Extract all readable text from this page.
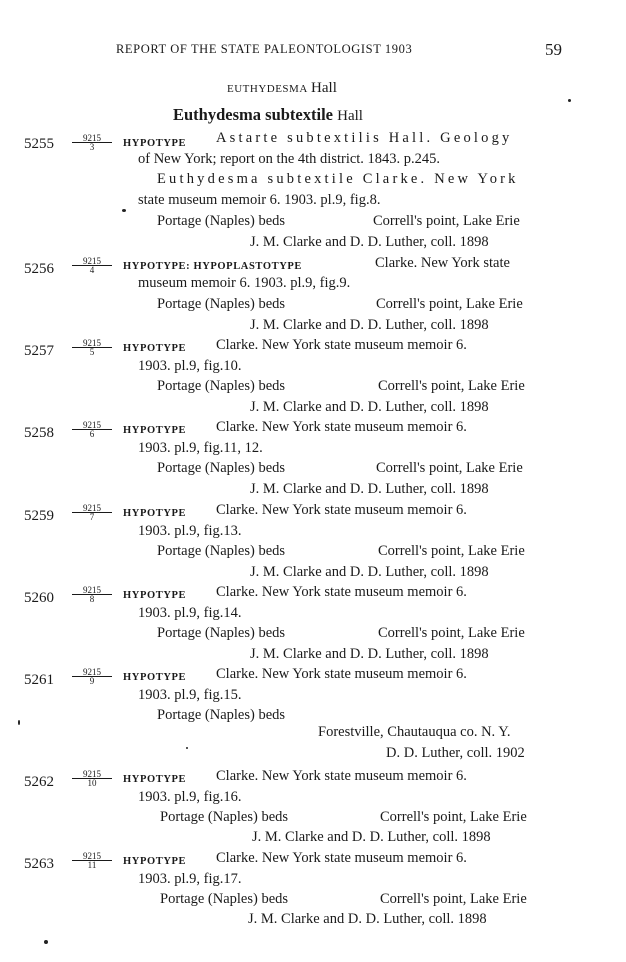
REPORT OF THE STATE PALEONTOLOGIST 1903	59
EUTHYDESMA Hall
Euthydesma subtextile Hall
$5255 \frac{9215}{3}$ HYPOTYPE Astarte subtextilis Hall. Geology
of New York; report on the 4th district. 1843. p.245.
Euthydesma subtextile Clarke. New York
state museum memoir 6. 1903. pl.9, fig.8.
Portage (Naples) beds	Correll's point, Lake Erie
J. M. Clarke and D. D. Luther, coll. 1898
$5256 \frac{9215}{4}$ HYPOTYPE: HYPOPLASTOTYPE	Clarke. New York state
museum memoir 6. 1903. pl.9, fig.9.
Portage (Naples) beds	Correll's point, Lake Erie
J. M. Clarke and D. D. Luther, coll. 1898
$5257 \frac{9215}{5}$ HYPOTYPE Clarke. New York state museum memoir 6.
1903. pl.9, fig.10.
Portage (Naples) beds	Correll's point, Lake Erie
J. M. Clarke and D. D. Luther, coll. 1898
$5258 \frac{9215}{6}$ HYPOTYPE Clarke. New York state museum memoir 6.
1903. pl.9, fig.11, 12.
Portage (Naples) beds	Correll's point, Lake Erie
J. M. Clarke and D. D. Luther, coll. 1898
$5259 \frac{9215}{7}$ HYPOTYPE Clarke. New York state museum memoir 6.
1903. pl.9, fig.13.
Portage (Naples) beds	Correll's point, Lake Erie
J. M. Clarke and D. D. Luther, coll. 1898
$5260 \frac{9215}{8}$ HYPOTYPE Clarke. New York state museum memoir 6.
1903. pl.9, fig.14.
Portage (Naples) beds	Correll's point, Lake Erie
J. M. Clarke and D. D. Luther, coll. 1898
$5261 \frac{9215}{9}$ HYPOTYPE Clarke. New York state museum memoir 6.
1903. pl.9, fig.15.
Portage (Naples) beds
Forestville, Chautauqua co. N. Y.
D. D. Luther, coll. 1902
$5262 \frac{9215}{10}$ HYPOTYPE Clarke. New York state museum memoir 6.
1903. pl.9, fig.16.
Portage (Naples) beds	Correll's point, Lake Erie
J. M. Clarke and D. D. Luther, coll. 1898
$5263 \frac{9215}{11}$ HYPOTYPE Clarke. New York state museum memoir 6.
1903. pl.9, fig.17.
Portage (Naples) beds	Correll's point, Lake Erie
J. M. Clarke and D. D. Luther, coll. 1898
